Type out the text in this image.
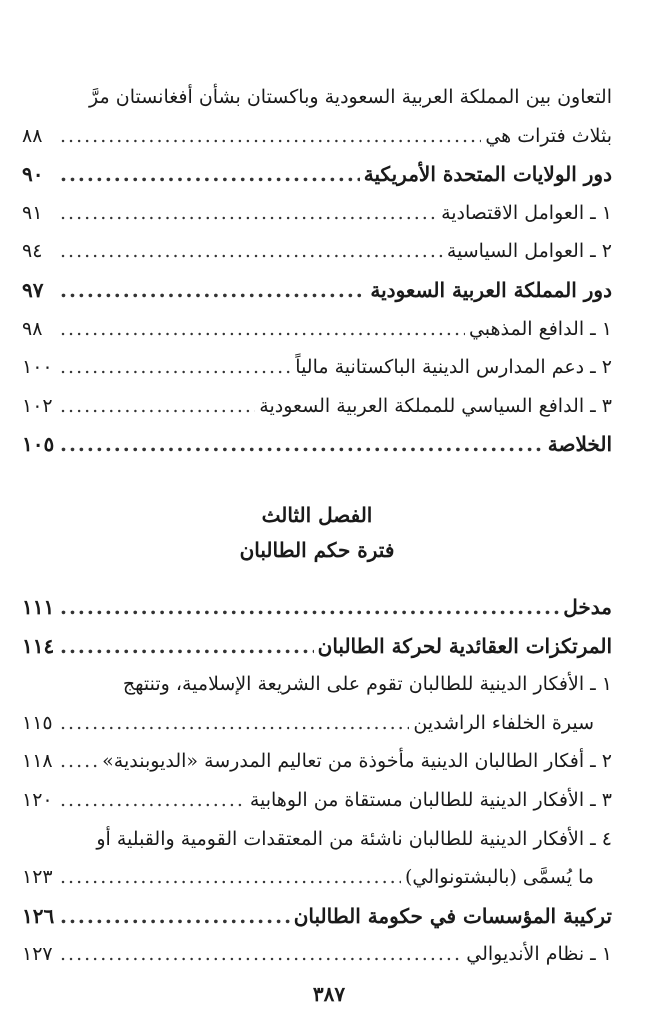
التعاون بين المملكة العربية السعودية وباكستان بشأن أفغانستان مرَّ
بثلاث فترات هي
.....
٨٨
دور الولايات المتحدة الأمريكية
.....
٩٠
١ ـ العوامل الاقتصادية
.....
٩١
٢ ـ العوامل السياسية
.....
٩٤
دور المملكة العربية السعودية
.....
٩٧
١ ـ الدافع المذهبي
.....
٩٨
٢ ـ دعم المدارس الدينية الباكستانية مالياً
.....
١٠٠
٣ ـ الدافع السياسي للمملكة العربية السعودية
.....
١٠٢
الخلاصة
.....
١٠٥
الفصل الثالث
فترة حكم الطالبان
مدخل
.....
١١١
المرتكزات العقائدية لحركة الطالبان
.....
١١٤
١ ـ الأفكار الدينية للطالبان تقوم على الشريعة الإسلامية، وتنتهج
سيرة الخلفاء الراشدين
.....
١١٥
٢ ـ أفكار الطالبان الدينية مأخوذة من تعاليم المدرسة «الديوبندية»
.....
١١٨
٣ ـ الأفكار الدينية للطالبان مستقاة من الوهابية
.....
١٢٠
٤ ـ الأفكار الدينية للطالبان ناشئة من المعتقدات القومية والقبلية أو
ما يُسمَّى (بالبشتونوالي)
.....
١٢٣
تركيبة المؤسسات في حكومة الطالبان
.....
١٢٦
١ ـ نظام الأنديوالي
.....
١٢٧
٣٨٧
